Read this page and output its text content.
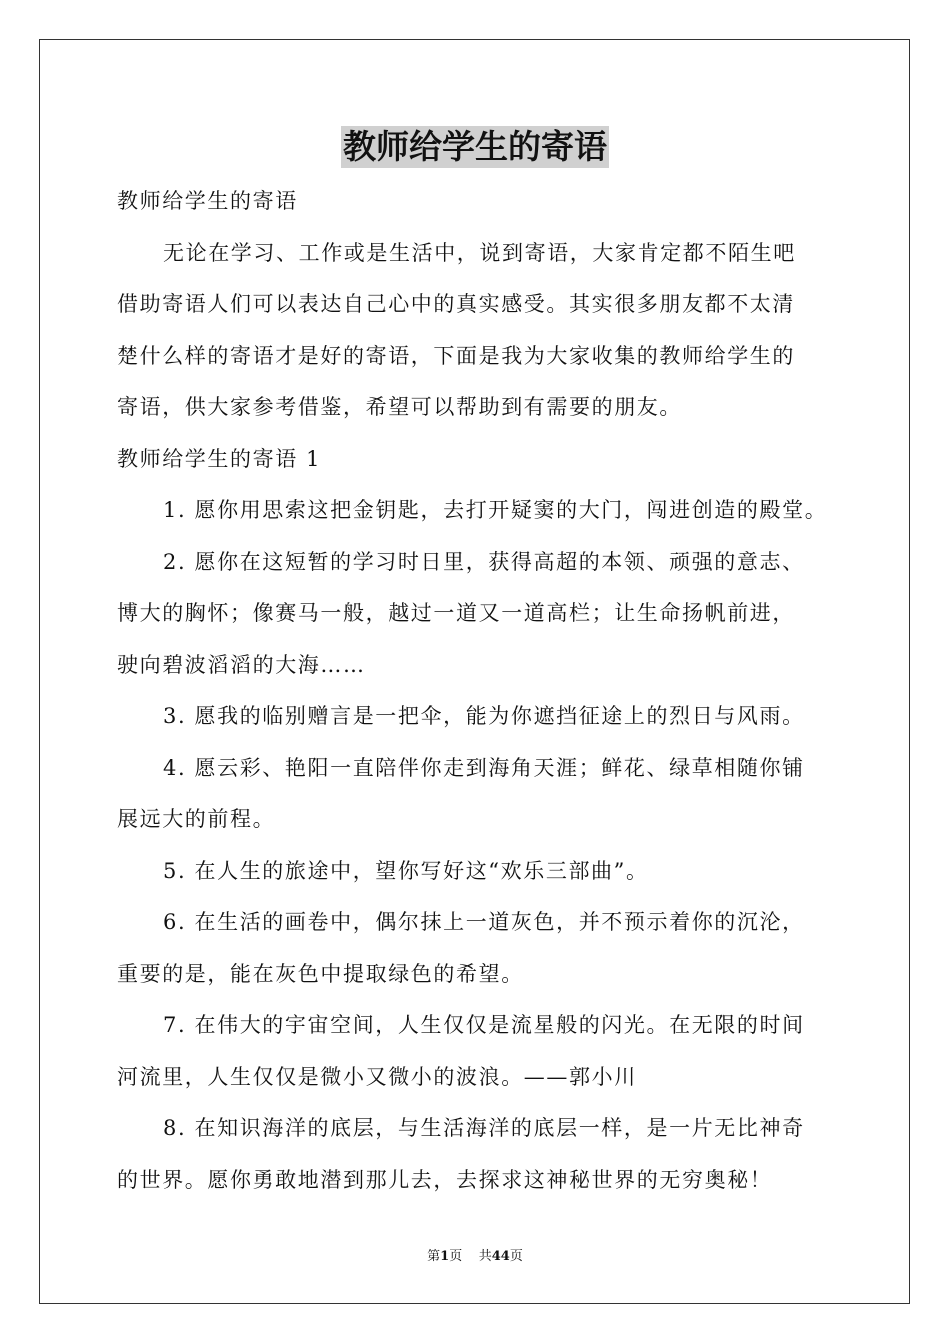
教师给学生的寄语
教师给学生的寄语
无论在学习、工作或是生活中，说到寄语，大家肯定都不陌生吧
借助寄语人们可以表达自己心中的真实感受。其实很多朋友都不太清
楚什么样的寄语才是好的寄语，下面是我为大家收集的教师给学生的
寄语，供大家参考借鉴，希望可以帮助到有需要的朋友。
教师给学生的寄语 1
1. 愿你用思索这把金钥匙，去打开疑窦的大门，闯进创造的殿堂。
2. 愿你在这短暂的学习时日里，获得高超的本领、顽强的意志、
博大的胸怀；像赛马一般，越过一道又一道高栏；让生命扬帆前进，
驶向碧波滔滔的大海……
3. 愿我的临别赠言是一把伞，能为你遮挡征途上的烈日与风雨。
4. 愿云彩、艳阳一直陪伴你走到海角天涯；鲜花、绿草相随你铺
展远大的前程。
5. 在人生的旅途中，望你写好这“欢乐三部曲”。
6. 在生活的画卷中，偶尔抹上一道灰色，并不预示着你的沉沦，
重要的是，能在灰色中提取绿色的希望。
7. 在伟大的宇宙空间，人生仅仅是流星般的闪光。在无限的时间
河流里，人生仅仅是微小又微小的波浪。——郭小川
8. 在知识海洋的底层，与生活海洋的底层一样，是一片无比神奇
的世界。愿你勇敢地潜到那儿去，去探求这神秘世界的无穷奥秘！
第1页 共44页
